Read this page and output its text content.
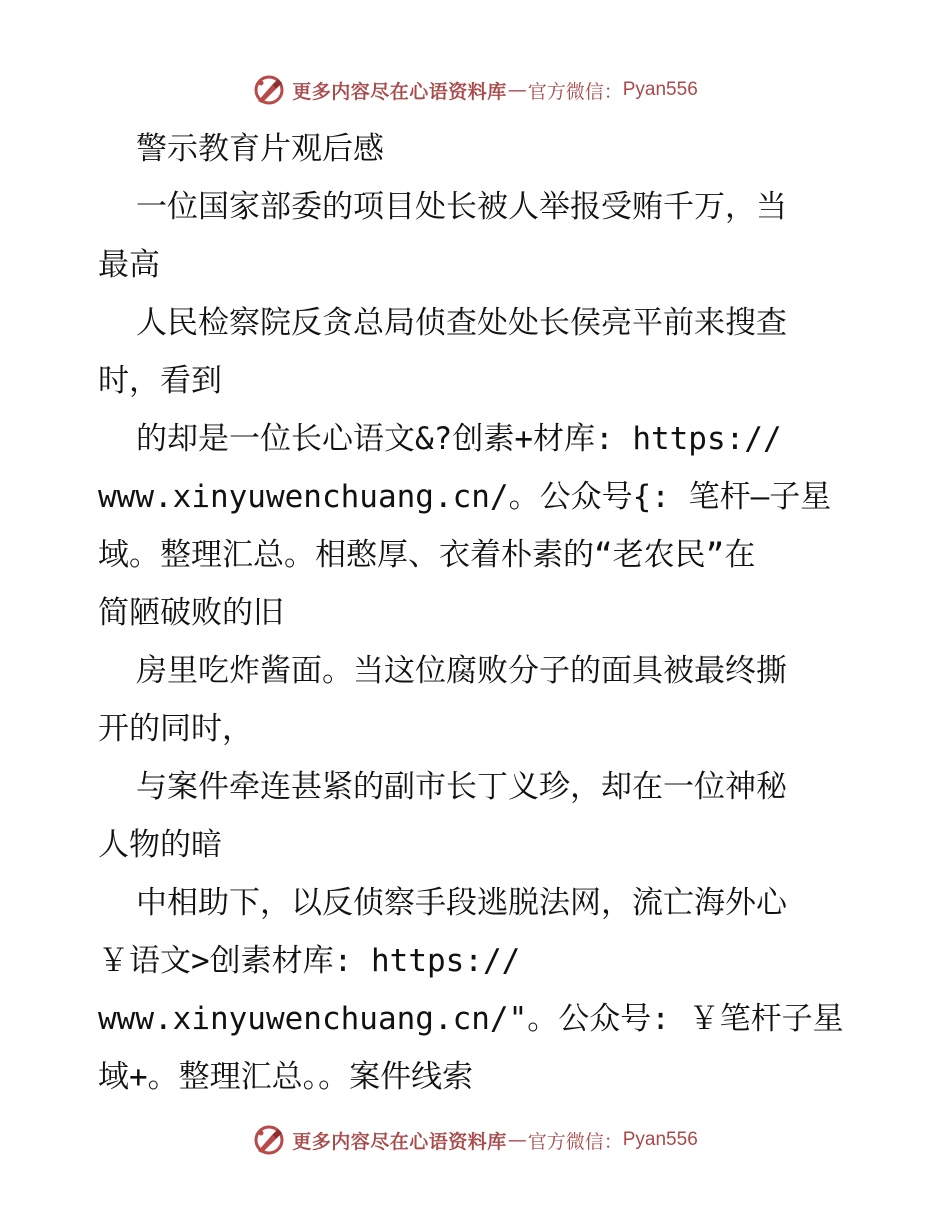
更多内容尽在心语资料库 — 官方微信： Pyan556
警示教育片观后感
一位国家部委的项目处长被人举报受贿千万，当
最高
人民检察院反贪总局侦查处处长侯亮平前来搜查
时，看到
的却是一位长心语文&?创素+材库: https://
www.xinyuwenchuang.cn/。公众号{: 笔杆—子星
域。整理汇总。相憨厚、衣着朴素的“老农民”在
简陋破败的旧
房里吃炸酱面。当这位腐败分子的面具被最终撕
开的同时，
与案件牵连甚紧的副市长丁义珍，却在一位神秘
人物的暗
中相助下，以反侦察手段逃脱法网，流亡海外心
￥语文>创素材库: https://
www.xinyuwenchuang.cn/"。公众号: ￥笔杆子星
域+。整理汇总。。案件线索
更多内容尽在心语资料库 — 官方微信： Pyan556
